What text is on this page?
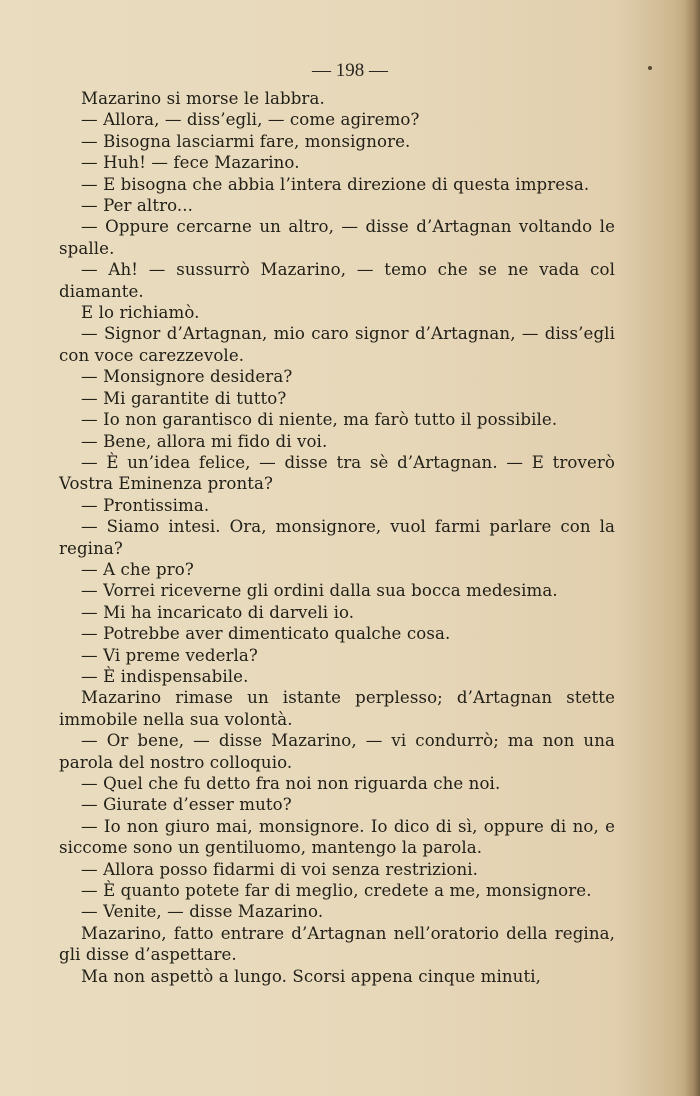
— 198 —

Mazarino si morse le labbra.

— Allora, — diss’egli, — come agiremo?

— Bisogna lasciarmi fare, monsignore.

— Huh! — fece Mazarino.

— E bisogna che abbia l’intera direzione di questa impresa.

— Per altro...

— Oppure cercarne un altro, — disse d’Artagnan voltando le spalle.

— Ah! — sussurrò Mazarino, — temo che se ne vada col diamante.

E lo richiamò.

— Signor d’Artagnan, mio caro signor d’Artagnan, — diss’egli con voce carezzevole.

— Monsignore desidera?

— Mi garantite di tutto?

— Io non garantisco di niente, ma farò tutto il possibile.

— Bene, allora mi fido di voi.

— È un’idea felice, — disse tra sè d’Artagnan. — E troverò Vostra Eminenza pronta?

— Prontissima.

— Siamo intesi. Ora, monsignore, vuol farmi parlare con la regina?

— A che pro?

— Vorrei riceverne gli ordini dalla sua bocca medesima.

— Mi ha incaricato di darveli io.

— Potrebbe aver dimenticato qualche cosa.

— Vi preme vederla?

— È indispensabile.

Mazarino rimase un istante perplesso; d’Artagnan stette immobile nella sua volontà.

— Or bene, — disse Mazarino, — vi condurrò; ma non una parola del nostro colloquio.

— Quel che fu detto fra noi non riguarda che noi.

— Giurate d’esser muto?

— Io non giuro mai, monsignore. Io dico di sì, oppure di no, e siccome sono un gentiluomo, mantengo la parola.

— Allora posso fidarmi di voi senza restrizioni.

— È quanto potete far di meglio, credete a me, monsignore.

— Venite, — disse Mazarino.

Mazarino, fatto entrare d’Artagnan nell’oratorio della regina, gli disse d’aspettare.

Ma non aspettò a lungo. Scorsi appena cinque minuti,
